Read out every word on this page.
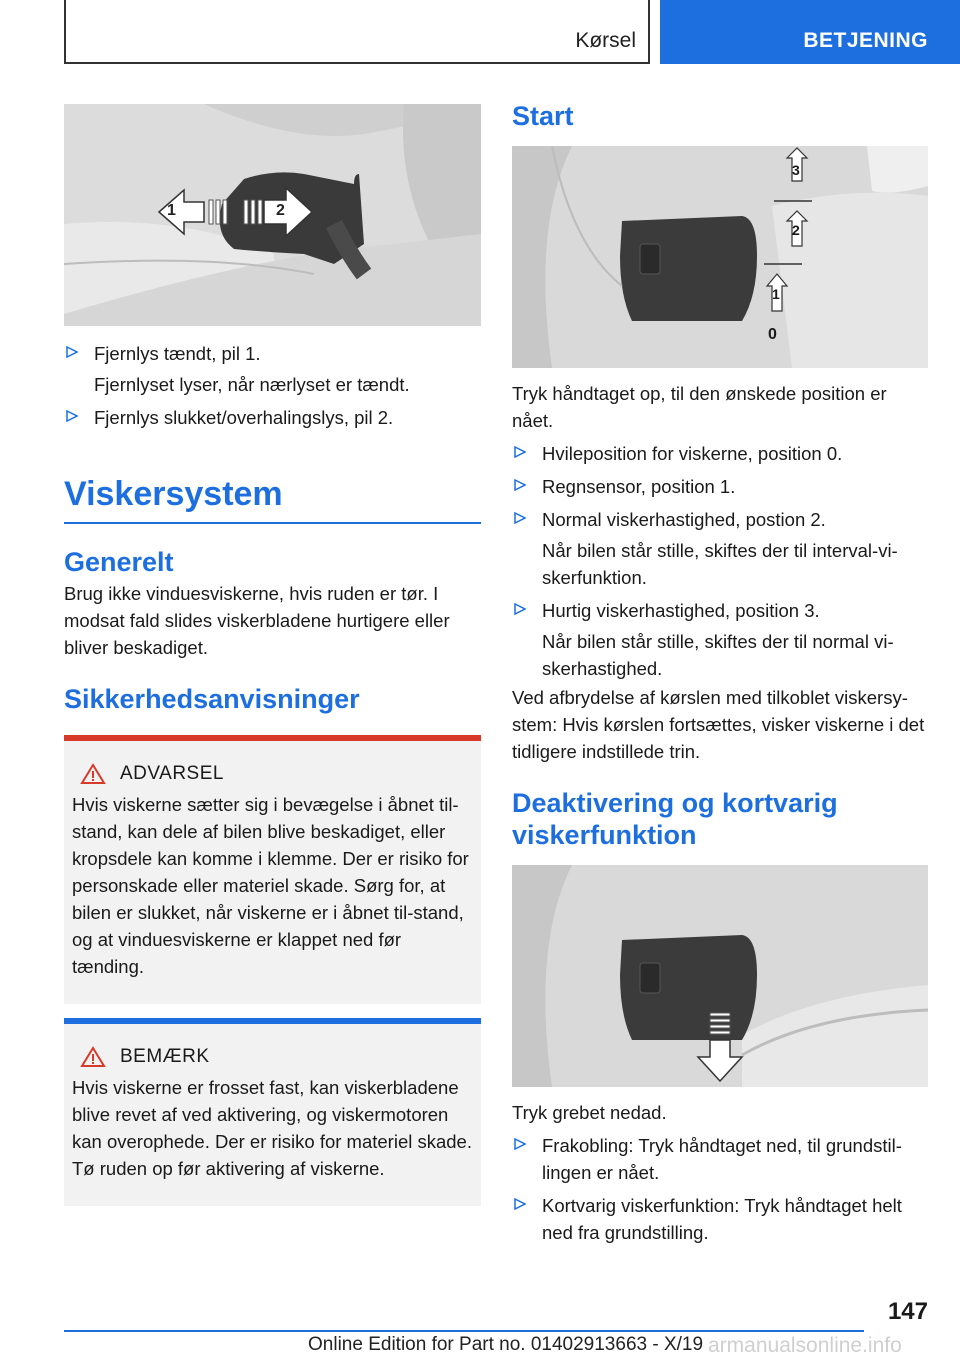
Kørsel	BETJENING
1	2
Fjernlys tændt, pil 1.
Fjernlyset lyser, når nærlyset er tændt.
Fjernlys slukket/overhalingslys, pil 2.
Viskersystem
Generelt

Brug ikke vinduesviskerne, hvis ruden er tør. I modsat fald slides viskerbladene hurtigere eller bliver beskadiget.

Sikkerhedsanvisninger
ADVARSEL

Hvis viskerne sætter sig i bevægelse i åbnet til-stand, kan dele af bilen blive beskadiget, eller kropsdele kan komme i klemme. Der er risiko for personskade eller materiel skade. Sørg for, at bilen er slukket, når viskerne er i åbnet til-stand, og at vinduesviskerne er klappet ned før tænding.

BEMÆRK

Hvis viskerne er frosset fast, kan viskerbladene blive revet af ved aktivering, og viskermotoren kan overophede. Der er risiko for materiel skade. Tø ruden op før aktivering af viskerne.

Start
3
2
1
0

Tryk håndtaget op, til den ønskede position er nået.

Hvileposition for viskerne, position 0.
Regnsensor, position 1.
Normal viskerhastighed, postion 2.
Når bilen står stille, skiftes der til interval-vi-skerfunktion.
Hurtig viskerhastighed, position 3.
Når bilen står stille, skiftes der til normal vi-skerhastighed.

Ved afbrydelse af kørslen med tilkoblet viskersy-stem: Hvis kørslen fortsættes, visker viskerne i det tidligere indstillede trin.

Deaktivering og kortvarig viskerfunktion

Tryk grebet nedad.

Frakobling: Tryk håndtaget ned, til grundstil-lingen er nået.
Kortvarig viskerfunktion: Tryk håndtaget helt ned fra grundstilling.
147
Online Edition for Part no. 01402913663 - X/19 armanualsonline.info
